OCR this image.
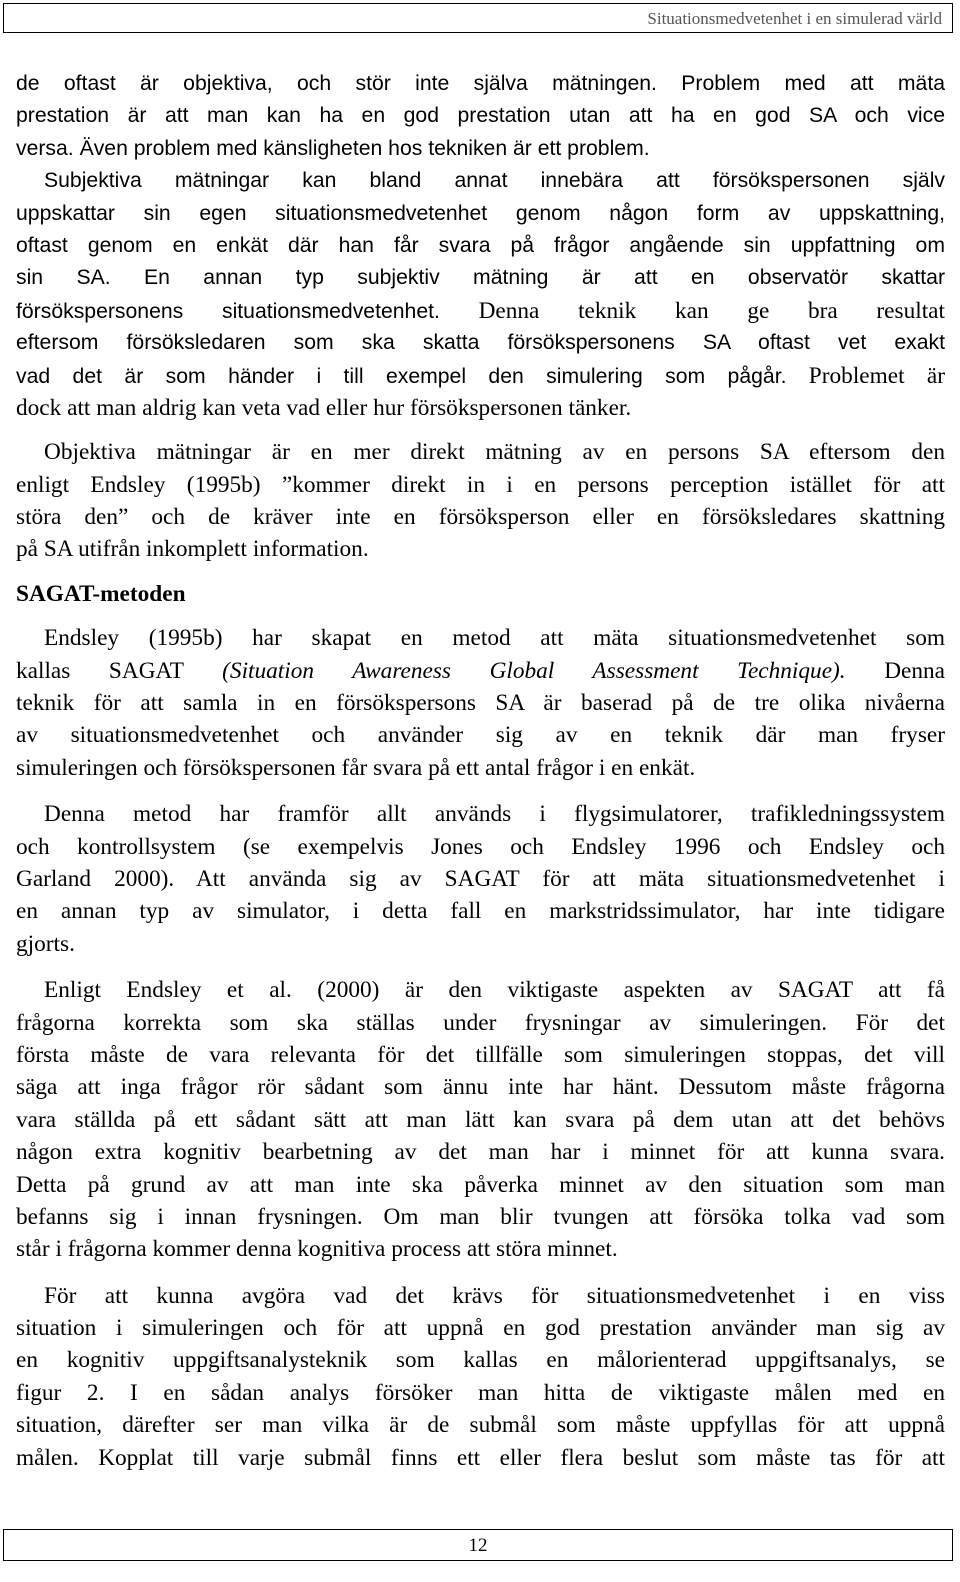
Situationsmedvetenhet i en simulerad värld

de oftast är objektiva, och stör inte själva mätningen. Problem med att mäta
prestation är att man kan ha en god prestation utan att ha en god SA och vice
versa. Även problem med känsligheten hos tekniken är ett problem.

Subjektiva mätningar kan bland annat innebära att försökspersonen själv
uppskattar sin egen situationsmedvetenhet genom någon form av uppskattning,
oftast genom en enkät där han får svara på frågor angående sin uppfattning om
sin SA. En annan typ subjektiv mätning är att en observatör skattar
försökspersonens situationsmedvetenhet. Denna teknik kan ge bra resultat
eftersom försöksledaren som ska skatta försökspersonens SA oftast vet exakt
vad det är som händer i till exempel den simulering som pågår. Problemet är
dock att man aldrig kan veta vad eller hur försökspersonen tänker.

Objektiva mätningar är en mer direkt mätning av en persons SA eftersom den
enligt Endsley (1995b) ”kommer direkt in i en persons perception istället för att
störa den” och de kräver inte en försöksperson eller en försöksledares skattning
på SA utifrån inkomplett information.

SAGAT-metoden

Endsley (1995b) har skapat en metod att mäta situationsmedvetenhet som
kallas SAGAT (Situation Awareness Global Assessment Technique). Denna
teknik för att samla in en försökspersons SA är baserad på de tre olika nivåerna
av situationsmedvetenhet och använder sig av en teknik där man fryser
simuleringen och försökspersonen får svara på ett antal frågor i en enkät.

Denna metod har framför allt används i flygsimulatorer, trafikledningssystem
och kontrollsystem (se exempelvis Jones och Endsley 1996 och Endsley och
Garland 2000). Att använda sig av SAGAT för att mäta situationsmedvetenhet i
en annan typ av simulator, i detta fall en markstridssimulator, har inte tidigare
gjorts.

Enligt Endsley et al. (2000) är den viktigaste aspekten av SAGAT att få
frågorna korrekta som ska ställas under frysningar av simuleringen. För det
första måste de vara relevanta för det tillfälle som simuleringen stoppas, det vill
säga att inga frågor rör sådant som ännu inte har hänt. Dessutom måste frågorna
vara ställda på ett sådant sätt att man lätt kan svara på dem utan att det behövs
någon extra kognitiv bearbetning av det man har i minnet för att kunna svara.
Detta på grund av att man inte ska påverka minnet av den situation som man
befanns sig i innan frysningen. Om man blir tvungen att försöka tolka vad som
står i frågorna kommer denna kognitiva process att störa minnet.

För att kunna avgöra vad det krävs för situationsmedvetenhet i en viss
situation i simuleringen och för att uppnå en god prestation använder man sig av
en kognitiv uppgiftsanalysteknik som kallas en målorienterad uppgiftsanalys, se
figur 2. I en sådan analys försöker man hitta de viktigaste målen med en
situation, därefter ser man vilka är de submål som måste uppfyllas för att uppnå
målen. Kopplat till varje submål finns ett eller flera beslut som måste tas för att

12
